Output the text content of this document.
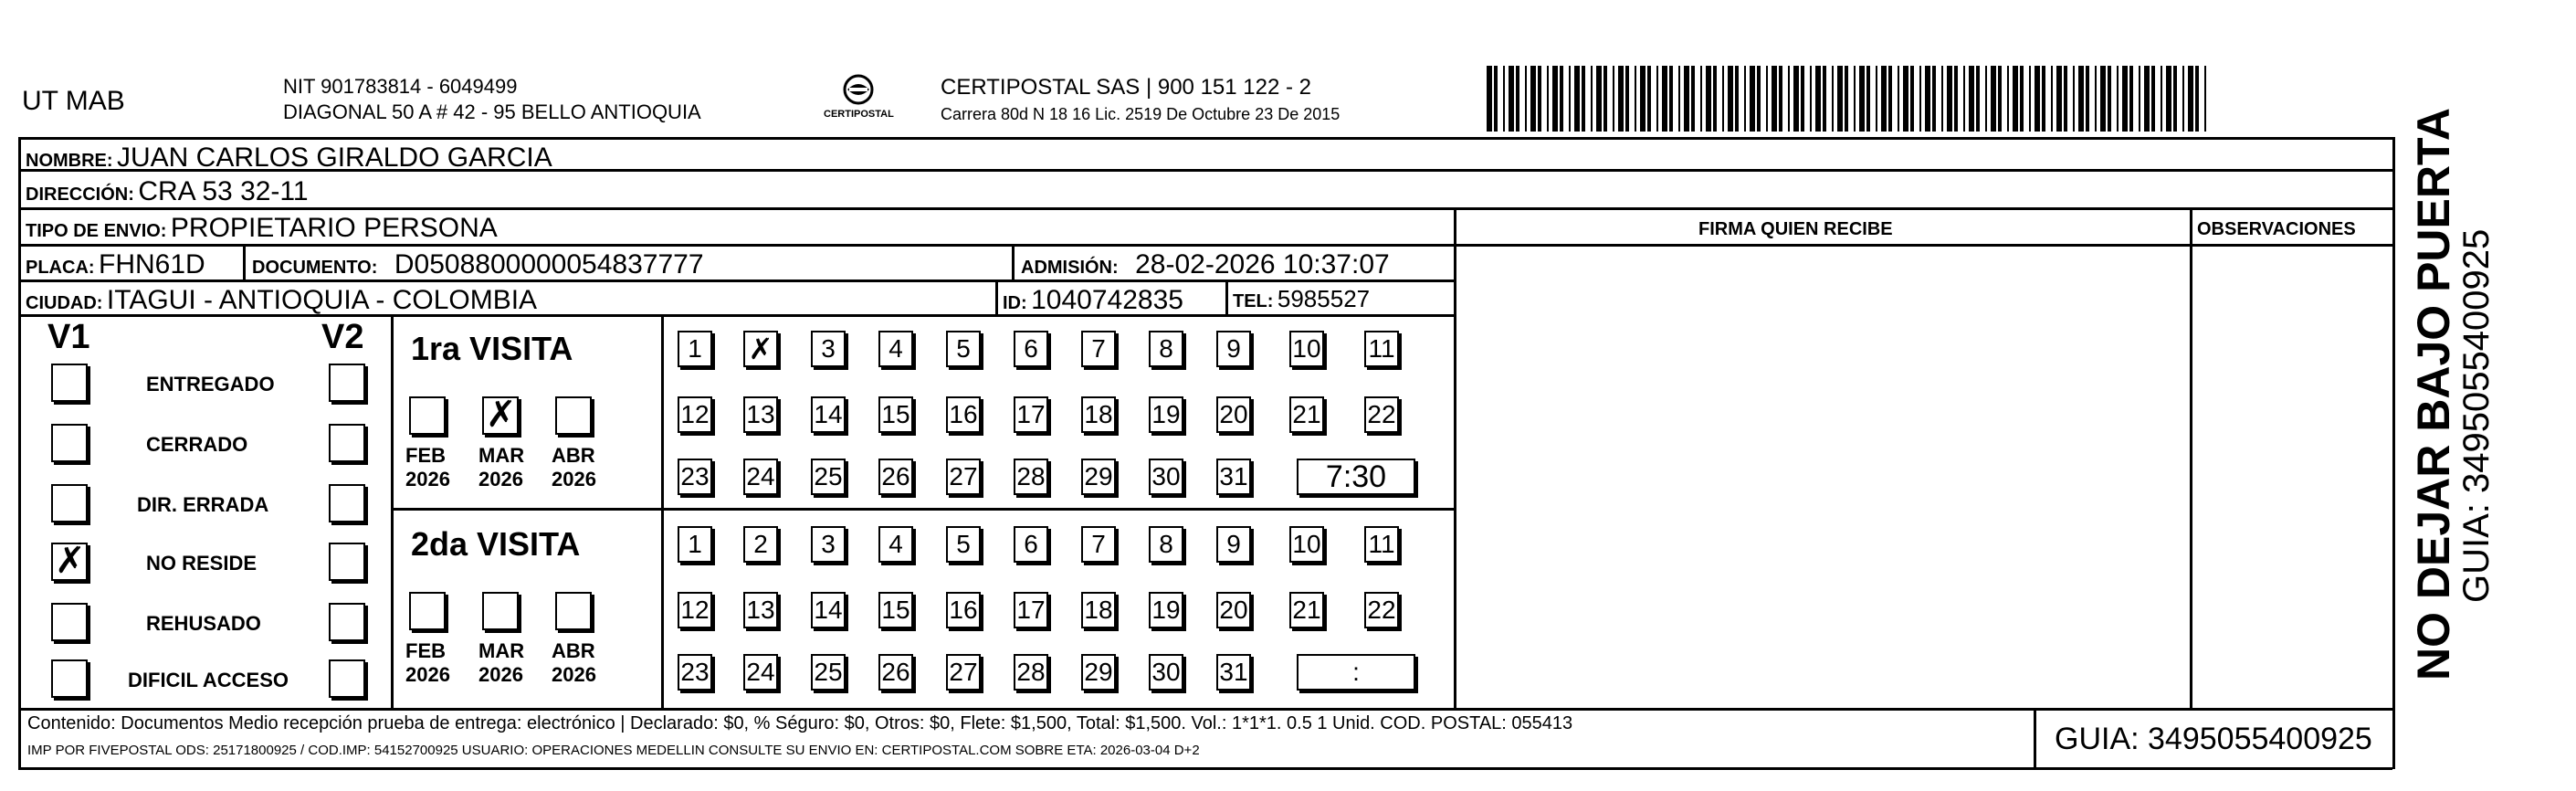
UT MAB	NIT 901783814 - 6049499
DIAGONAL 50 A # 42 - 95 BELLO ANTIOQUIA	CERTIPOSTAL
CERTIPOSTAL SAS | 900 151 122 - 2
Carrera 80d N 18 16 Lic. 2519 De Octubre 23 De 2015
NOMBRE: JUAN CARLOS GIRALDO GARCIA
DIRECCIÓN: CRA 53 32-11
TIPO DE ENVIO: PROPIETARIO PERSONA	FIRMA QUIEN RECIBE	OBSERVACIONES
PLACA: FHN61D	DOCUMENTO: D0508800000054837777	ADMISIÓN: 28-02-2026 10:37:07
CIUDAD: ITAGUI - ANTIOQUIA - COLOMBIA	ID: 1040742835	TEL: 5985527
V1	V2
ENTREGADO
CERRADO
DIR. ERRADA
✗	NO RESIDE
REHUSADO
DIFICIL ACCESO
1ra VISITA
FEB
2026
✗
MAR
2026
ABR
2026
1	✗	3	4	5	6	7	8	9	10 11
12 13 14 15 16 17 18 19 20 21 22
23 24 25 26 27 28 29 30 31	7:30
2da VISITA
FEB
2026
MAR
2026
ABR
2026
1	2	3	4	5	6	7	8	9	10 11
12 13 14 15 16 17 18 19 20 21 22
23 24 25 26 27 28 29 30 31	:
Contenido: Documentos Medio recepción prueba de entrega: electrónico | Declarado: $0, % Séguro: $0, Otros: $0, Flete: $1,500, Total: $1,500. Vol.: 1*1*1. 0.5 1 Unid. COD. POSTAL: 055413
IMP POR FIVEPOSTAL ODS: 25171800925 / COD.IMP: 54152700925 USUARIO: OPERACIONES MEDELLIN CONSULTE SU ENVIO EN: CERTIPOSTAL.COM SOBRE ETA: 2026-03-04 D+2	GUIA: 3495055400925
NO DEJAR BAJO PUERTA
GUIA: 3495055400925
